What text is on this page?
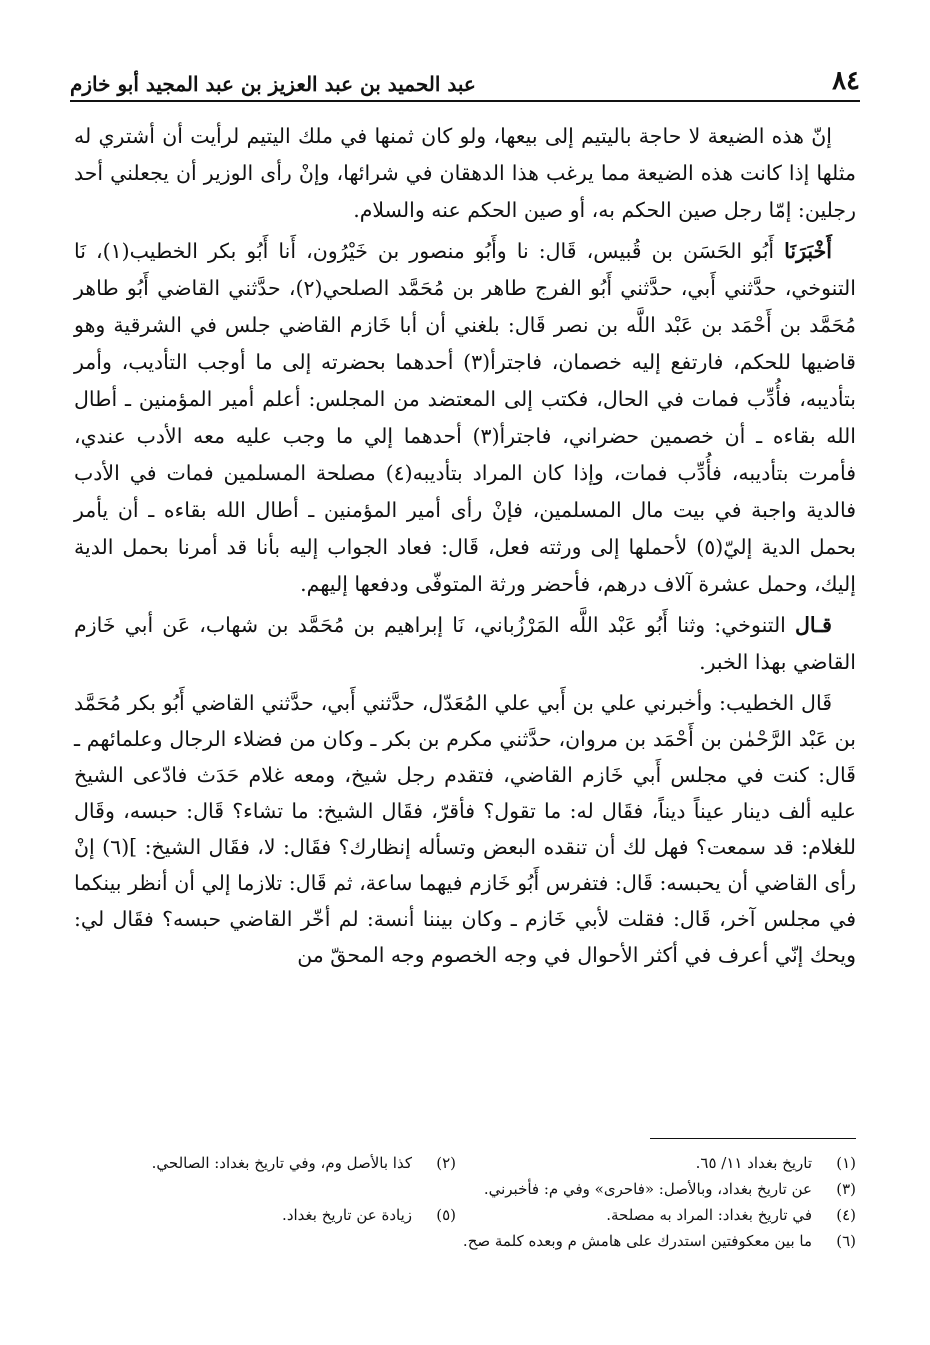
٨٤
عبد الحميد بن عبد العزيز بن عبد المجيد أبو خازم

إنّ هذه الضيعة لا حاجة باليتيم إلى بيعها، ولو كان ثمنها في ملك اليتيم لرأيت أن أشتري له مثلها إذا كانت هذه الضيعة مما يرغب هذا الدهقان في شرائها، وإنْ رأى الوزير أن يجعلني أحد رجلين: إمّا رجل صين الحكم به، أو صين الحكم عنه والسلام.

أَخْبَرَنَا أَبُو الحَسَن بن قُبيس، قَال: نا وأَبُو منصور بن خَيْرُون، أَنا أَبُو بكر الخطيب(١)، نَا التنوخي، حدَّثني أَبي، حدَّثني أَبُو الفرج طاهر بن مُحَمَّد الصلحي(٢)، حدَّثني القاضي أَبُو طاهر مُحَمَّد بن أَحْمَد بن عَبْد اللَّه بن نصر قَال: بلغني أن أبا خَازم القاضي جلس في الشرقية وهو قاضيها للحكم، فارتفع إليه خصمان، فاجترأ(٣) أحدهما بحضرته إلى ما أوجب التأديب، وأمر بتأديبه، فأُدِّب فمات في الحال، فكتب إلى المعتضد من المجلس: أعلم أمير المؤمنين ـ أطال الله بقاءه ـ أن خصمين حضراني، فاجترأ(٣) أحدهما إلي ما وجب عليه معه الأدب عندي، فأمرت بتأديبه، فأُدِّب فمات، وإذا كان المراد بتأديبه(٤) مصلحة المسلمين فمات في الأدب فالدية واجبة في بيت مال المسلمين، فإنْ رأى أمير المؤمنين ـ أطال الله بقاءه ـ أن يأمر بحمل الدية إليّ(٥) لأحملها إلى ورثته فعل، قَال: فعاد الجواب إليه بأنا قد أمرنا بحمل الدية إليك، وحمل عشرة آلاف درهم، فأحضر ورثة المتوفّى ودفعها إليهم.

قـال التنوخي: وثنا أَبُو عَبْد اللَّه المَرْزُباني، نَا إبراهيم بن مُحَمَّد بن شهاب، عَن أبي خَازم القاضي بهذا الخبر.

قَال الخطيب: وأخبرني علي بن أَبي علي المُعَدّل، حدَّثني أَبي، حدَّثني القاضي أَبُو بكر مُحَمَّد بن عَبْد الرَّحْمٰن بن أَحْمَد بن مروان، حدَّثني مكرم بن بكر ـ وكان من فضلاء الرجال وعلمائهم ـ قَال: كنت في مجلس أَبي خَازم القاضي، فتقدم رجل شيخ، ومعه غلام حَدَث فادّعى الشيخ عليه ألف دينار عيناً ديناً، فقَال له: ما تقول؟ فأقرّ، فقَال الشيخ: ما تشاء؟ قَال: حبسه، وقَال للغلام: قد سمعت؟ فهل لك أن تنقده البعض وتسأله إنظارك؟ فقَال: لا، فقَال الشيخ: ](٦) إنْ رأى القاضي أن يحبسه: قَال: فتفرس أَبُو خَازم فيهما ساعة، ثم قَال: تلازما إلي أن أنظر بينكما في مجلس آخر، قَال: فقلت لأبي خَازم ـ وكان بيننا أنسة: لم أخّر القاضي حبسه؟ فقَال لي: ويحك إنّي أعرف في أكثر الأحوال في وجه الخصوم وجه المحقّ من

(١)
تاريخ بغداد ١١/ ٦٥.
(٢)
كذا بالأصل وم، وفي تاريخ بغداد: الصالحي.
(٣)
عن تاريخ بغداد، وبالأصل: «فاحرى» وفي م: فأخبرني.
(٤)
في تاريخ بغداد: المراد به مصلحة.
(٥)
زيادة عن تاريخ بغداد.
(٦)
ما بين معكوفتين استدرك على هامش م وبعده كلمة صح.
